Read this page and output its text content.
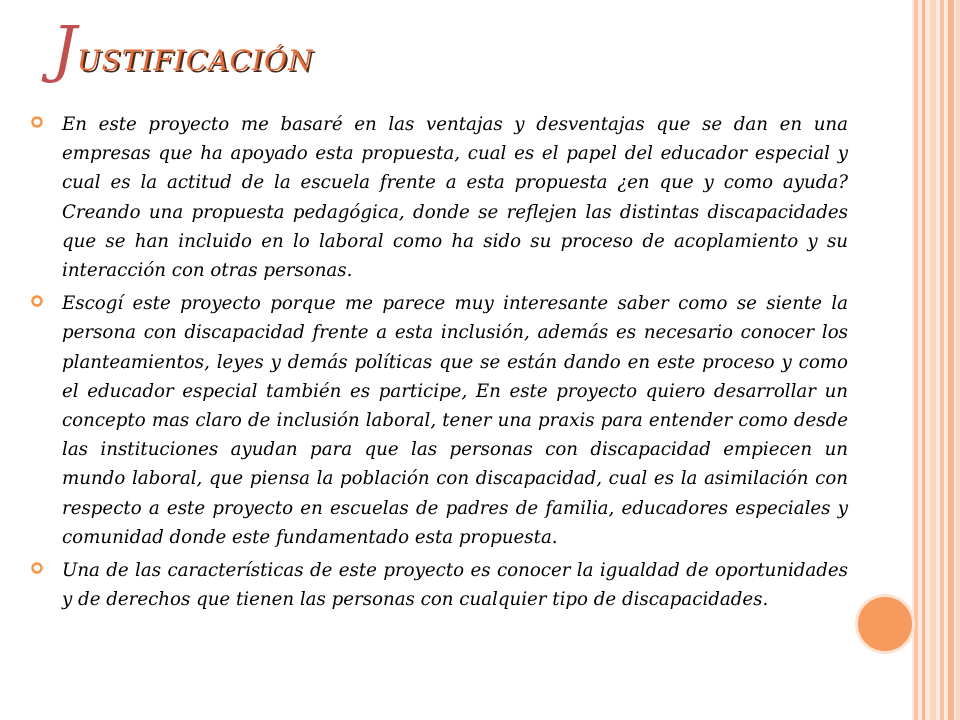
Justificación
En este proyecto me basaré en las ventajas y desventajas que se dan en una empresas que ha apoyado esta propuesta, cual es el papel del educador especial y cual es la actitud de la escuela frente a esta propuesta ¿en que y como ayuda? Creando una propuesta pedagógica, donde se reflejen las distintas discapacidades que se han incluido en lo laboral como ha sido su proceso de acoplamiento y su interacción con otras personas.
Escogí este proyecto porque me parece muy interesante saber como se siente la persona con discapacidad frente a esta inclusión, además es necesario conocer los planteamientos, leyes y demás políticas que se están dando en este proceso y como el educador especial también es participe, En este proyecto quiero desarrollar un concepto mas claro de inclusión laboral, tener una praxis para entender como desde las instituciones ayudan para que las personas con discapacidad empiecen un mundo laboral, que piensa la población con discapacidad, cual es la asimilación con respecto a este proyecto en escuelas de padres de familia, educadores especiales y comunidad donde este fundamentado esta propuesta.
Una de las características de este proyecto es conocer la igualdad de oportunidades y de derechos que tienen las personas con cualquier tipo de discapacidades.
